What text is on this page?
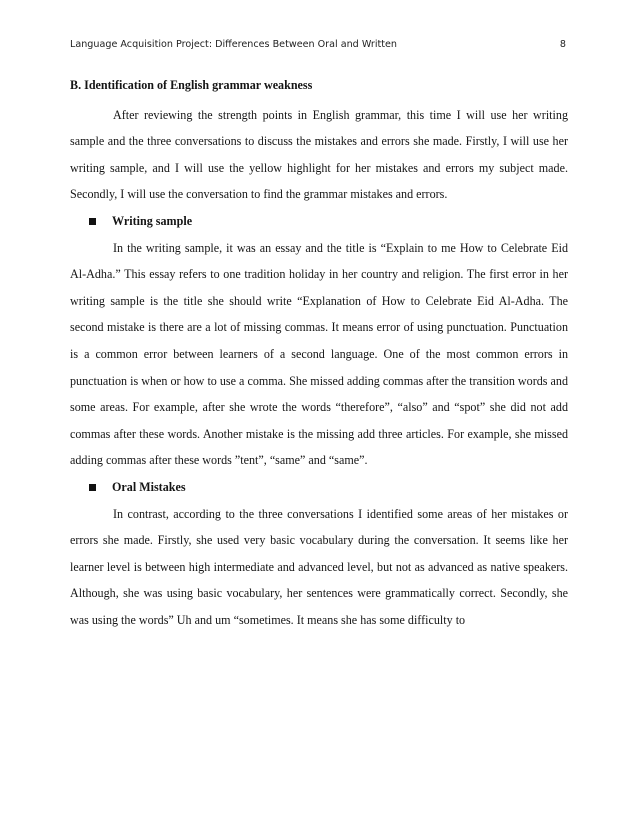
Language Acquisition Project: Differences Between Oral and Written	8

B. Identification of English grammar weakness

After reviewing the strength points in English grammar, this time I will use her writing sample and the three conversations to discuss the mistakes and errors she made. Firstly, I will use her writing sample, and I will use the yellow highlight for her mistakes and errors my subject made. Secondly, I will use the conversation to find the grammar mistakes and errors.

Writing sample

In the writing sample, it was an essay and the title is “Explain to me How to Celebrate Eid Al-Adha.” This essay refers to one tradition holiday in her country and religion. The first error in her writing sample is the title she should write “Explanation of How to Celebrate Eid Al-Adha. The second mistake is there are a lot of missing commas. It means error of using punctuation. Punctuation is a common error between learners of a second language. One of the most common errors in punctuation is when or how to use a comma. She missed adding commas after the transition words and some areas. For example, after she wrote the words “therefore”, “also” and “spot” she did not add commas after these words. Another mistake is the missing add three articles. For example, she missed adding commas after these words ”tent”, “same” and “same”.

Oral Mistakes

In contrast, according to the three conversations I identified some areas of her mistakes or errors she made. Firstly, she used very basic vocabulary during the conversation. It seems like her learner level is between high intermediate and advanced level, but not as advanced as native speakers. Although, she was using basic vocabulary, her sentences were grammatically correct. Secondly, she was using the words” Uh and um “sometimes. It means she has some difficulty to
